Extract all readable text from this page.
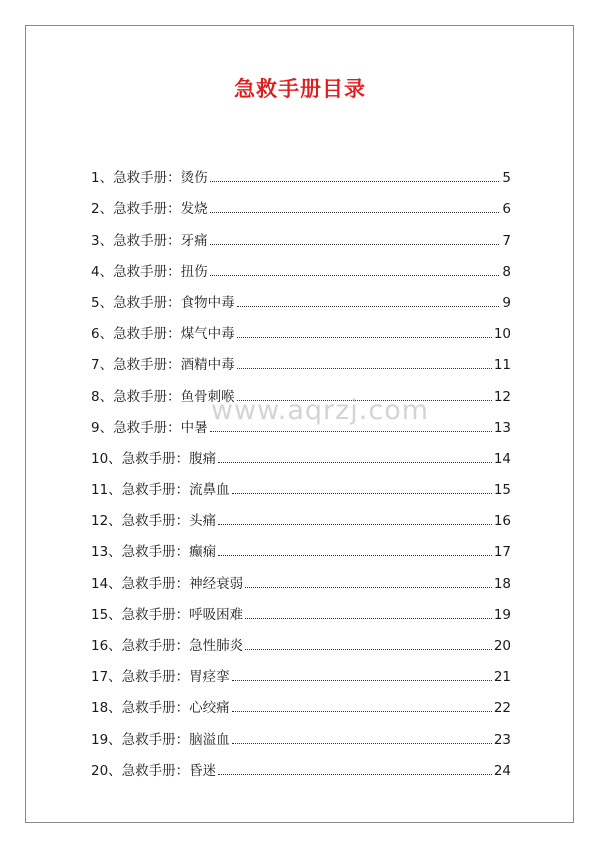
急救手册目录
1、急救手册：烫伤	5
2、急救手册：发烧	6
3、急救手册：牙痛	7
4、急救手册：扭伤	8
5、急救手册：食物中毒	9
6、急救手册：煤气中毒	10
7、急救手册：酒精中毒	11
8、急救手册：鱼骨刺喉	12
9、急救手册：中暑	13
10、急救手册：腹痛	14
11、急救手册：流鼻血	15
12、急救手册：头痛	16
13、急救手册：癫痫	17
14、急救手册：神经衰弱	18
15、急救手册：呼吸困难	19
16、急救手册：急性肺炎	20
17、急救手册：胃痉挛	21
18、急救手册：心绞痛	22
19、急救手册：脑溢血	23
20、急救手册：昏迷	24
www.aqrzj.com
